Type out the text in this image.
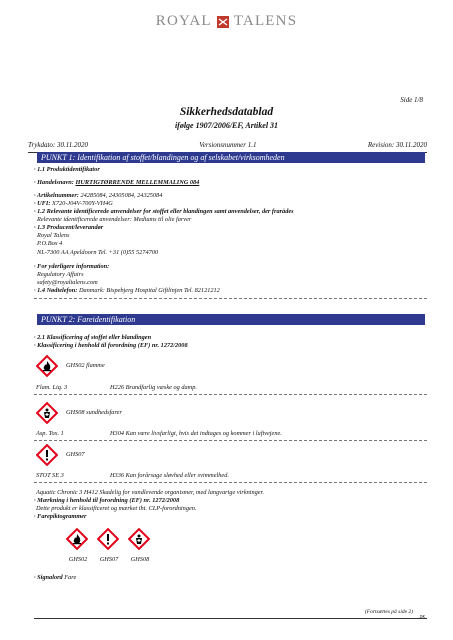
ROYAL TALENS
Side 1/8
Sikkerhedsdatablad
ifølge 1907/2006/EF, Artikel 31
Trykdato: 30.11.2020	Versionsnummer 1.1	Revision: 30.11.2020
PUNKT 1: Identifikation af stoffet/blandingen og af selskabet/virksomheden
· 1.1 Produktidentifikator
· Handelsnavn: HURTIGTØRRENDE MELLEMMALING 084
· Artikelnummer: 24285084, 24305084, 24325084
· UFI: X720-J04V-700Y-VH4G
· 1.2 Relevante identificerede anvendelser for stoffet eller blandingen samt anvendelser, der frarådes
Relevante identificerede anvendelser: Mediums til olie farver
· 1.3 Producent/leverandør
Royal Talens
P.O.Box 4
NL-7300 AA Apeldoorn Tel. +31 (0)55 5274700
· For yderligere information:
Regulatory Affairs
safety@royaltalens.com
· 1.4 Nødtelefon: Danmark: Bispebjerg Hospital Giftlinjen Tel. 82121212
PUNKT 2: Fareidentifikation
· 2.1 Klassificering af stoffet eller blandingen
· Klassificering i henhold til forordning (EF) nr. 1272/2008
GHS02 flamme
Flam. Liq. 3	H226 Brandfarlig væske og damp.
GHS08 sundhedsfarer
Asp. Tox. 1	H304 Kan være livsfarligt, hvis det indtages og kommer i luftvejene.
GHS07
STOT SE 3	H336 Kan forårsage sløvhed eller svimmelhed.
Aquatic Chronic 3 H412 Skadelig for vandlevende organismer, med langvarige virkninger.
· Mærkning i henhold til forordning (EF) nr. 1272/2008
Dette produkt er klassificeret og mærket iht. CLP-forordningen.
· Farepiktogrammer
GHS02	GHS07	GHS08
· Signalord Fare
(Fortsættes på side 2)
DK
